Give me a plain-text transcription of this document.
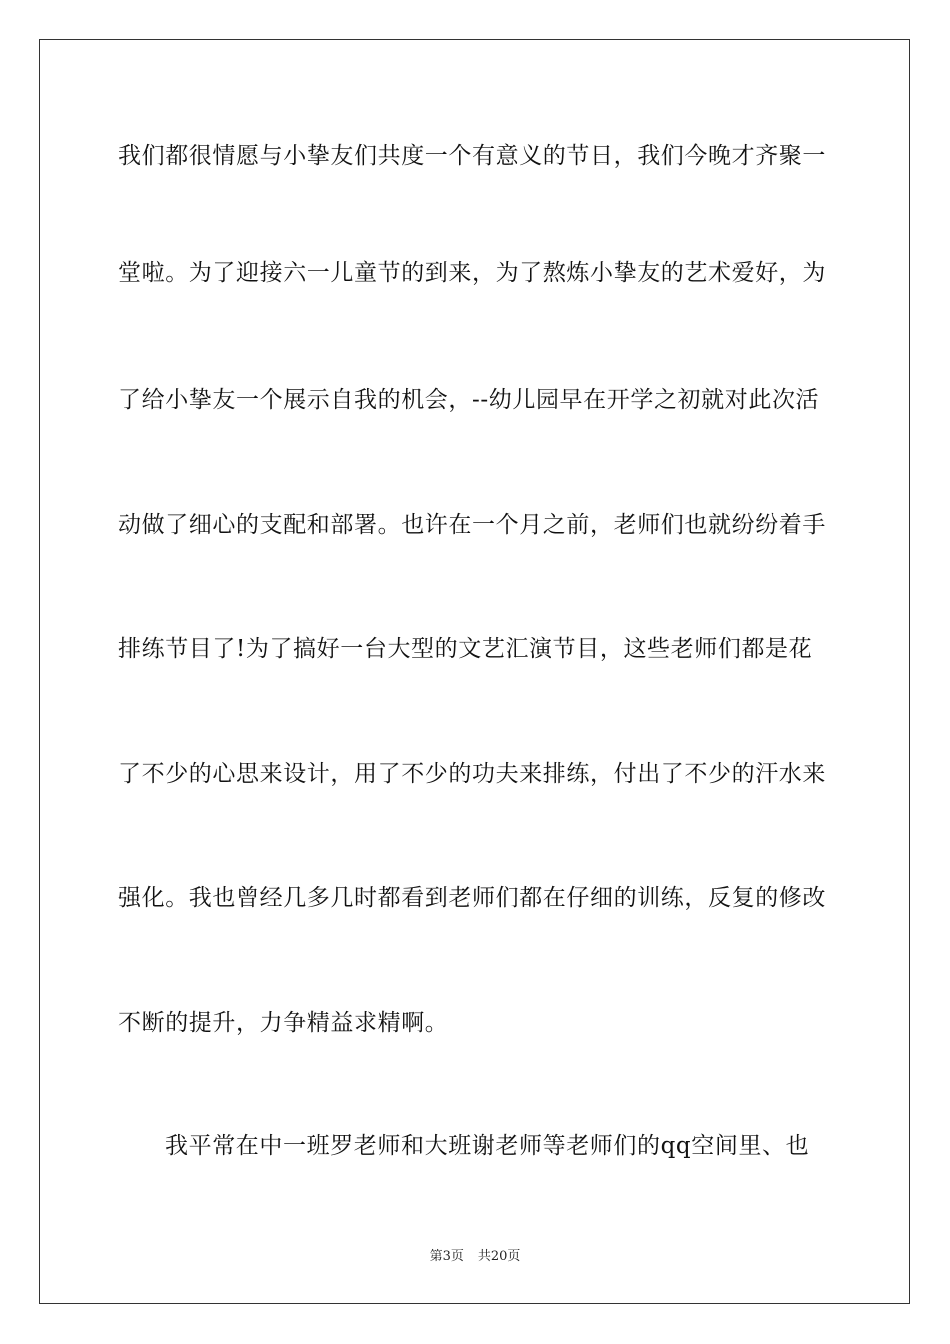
我们都很情愿与小挚友们共度一个有意义的节日，我们今晚才齐聚一
堂啦。为了迎接六一儿童节的到来，为了熬炼小挚友的艺术爱好，为
了给小挚友一个展示自我的机会，--幼儿园早在开学之初就对此次活
动做了细心的支配和部署。也许在一个月之前，老师们也就纷纷着手
排练节目了!为了搞好一台大型的文艺汇演节目，这些老师们都是花
了不少的心思来设计，用了不少的功夫来排练，付出了不少的汗水来
强化。我也曾经几多几时都看到老师们都在仔细的训练，反复的修改
不断的提升，力争精益求精啊。
我平常在中一班罗老师和大班谢老师等老师们的qq空间里、也
第3页 共20页
